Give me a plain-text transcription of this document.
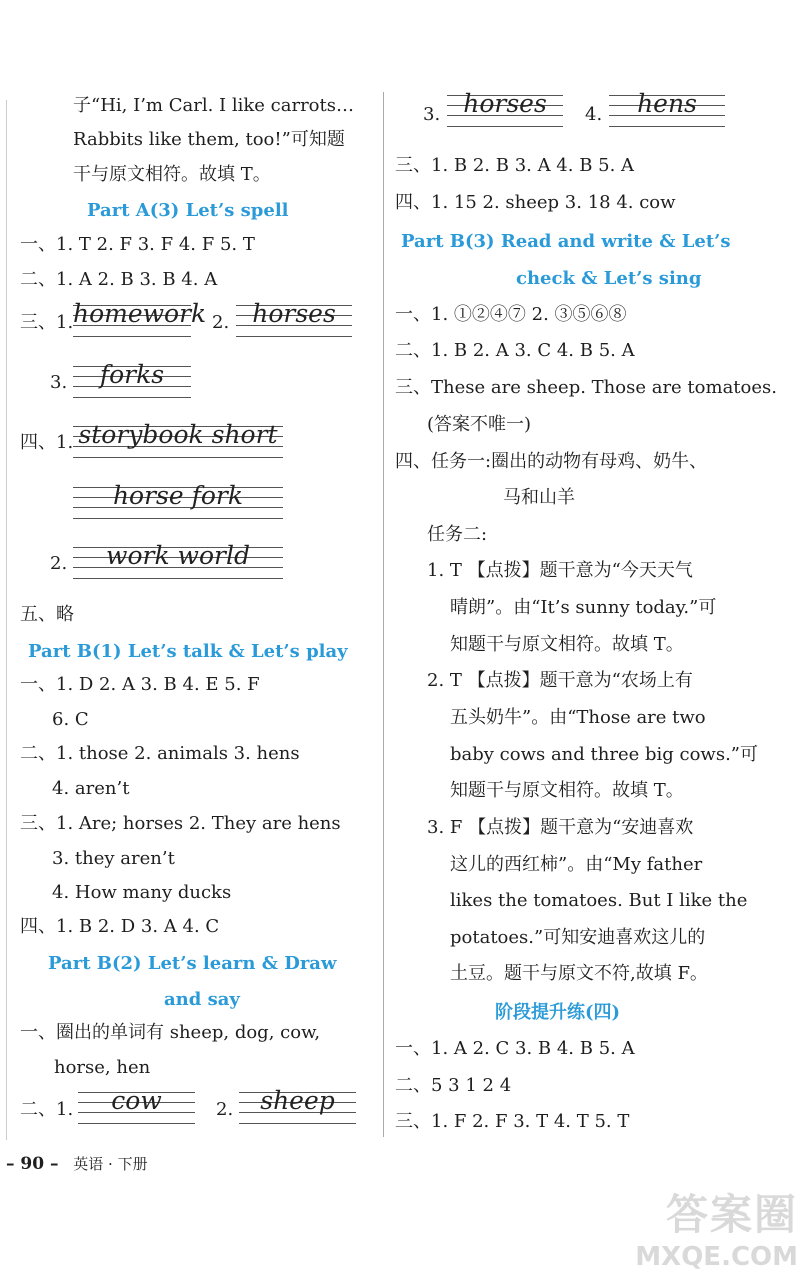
子“Hi, I’m Carl. I like carrots…
Rabbits like them, too!”可知题
干与原文相符。故填 T。
Part A(3) Let’s spell
一、1. T 2. F 3. F 4. F 5. T
二、1. A 2. B 3. B 4. A
三、1. homework 2. horses
3.	forks
四、1. storybook short
horse fork
2.	work world
五、略
Part B(1) Let’s talk & Let’s play
一、1. D 2. A 3. B 4. E 5. F
6. C
二、1. those 2. animals 3. hens
4. aren’t
三、1. Are; horses 2. They are hens
3. they aren’t
4. How many ducks
四、1. B 2. D 3. A 4. C
Part B(2) Let’s learn & Draw
and say
一、圈出的单词有 sheep, dog, cow,
horse, hen
二、1.	cow	2.	sheep
3. horses	4.	hens
三、1. B 2. B 3. A 4. B 5. A
四、1. 15 2. sheep 3. 18 4. cow
Part B(3) Read and write & Let’s
check & Let’s sing
一、1. ①②④⑦ 2. ③⑤⑥⑧
二、1. B 2. A 3. C 4. B 5. A
三、These are sheep. Those are tomatoes.
(答案不唯一)
四、任务一:圈出的动物有母鸡、奶牛、
马和山羊
任务二:
1. T 【点拨】题干意为“今天天气
晴朗”。由“It’s sunny today.”可
知题干与原文相符。故填 T。
2. T 【点拨】题干意为“农场上有
五头奶牛”。由“Those are two
baby cows and three big cows.”可
知题干与原文相符。故填 T。
3. F 【点拨】题干意为“安迪喜欢
这儿的西红柿”。由“My father
likes the tomatoes. But I like the
potatoes.”可知安迪喜欢这儿的
土豆。题干与原文不符,故填 F。
阶段提升练(四)
一、1. A 2. C 3. B 4. B 5. A
二、5 3 1 2 4
三、1. F 2. F 3. T 4. T 5. T
– 90 – 英语 · 下册
答案圈
MXQE.COM
